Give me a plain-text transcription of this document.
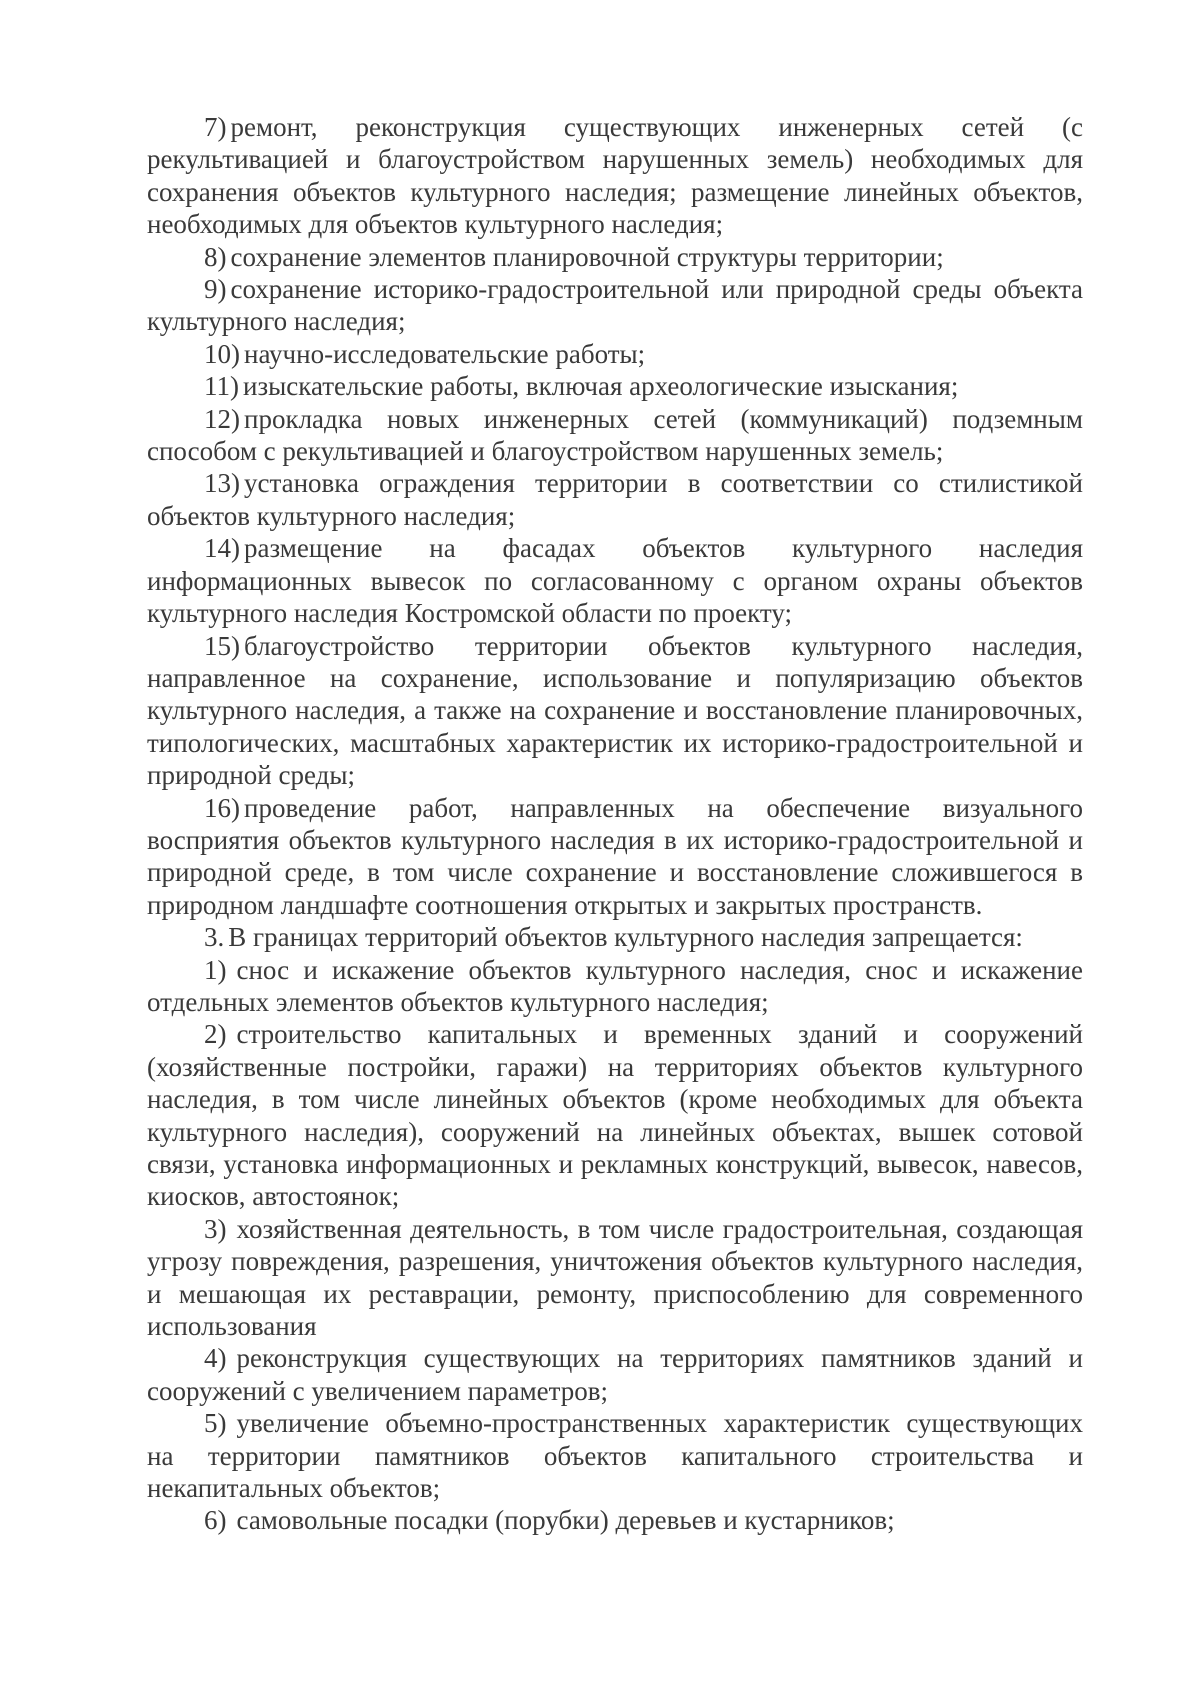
7) ремонт, реконструкция существующих инженерных сетей (с рекультивацией и благоустройством нарушенных земель) необходимых для сохранения объектов культурного наследия; размещение линейных объектов, необходимых для объектов культурного наследия;

8) сохранение элементов планировочной структуры территории;

9) сохранение историко-градостроительной или природной среды объекта культурного наследия;

10) научно-исследовательские работы;

11) изыскательские работы, включая археологические изыскания;

12) прокладка новых инженерных сетей (коммуникаций) подземным способом с рекультивацией и благоустройством нарушенных земель;

13) установка ограждения территории в соответствии со стилистикой объектов культурного наследия;

14) размещение на фасадах объектов культурного наследия информационных вывесок по согласованному с органом охраны объектов культурного наследия Костромской области по проекту;

15) благоустройство территории объектов культурного наследия, направленное на сохранение, использование и популяризацию объектов культурного наследия, а также на сохранение и восстановление планировочных, типологических, масштабных характеристик их историко-градостроительной и природной среды;

16) проведение работ, направленных на обеспечение визуального восприятия объектов культурного наследия в их историко-градостроительной и природной среде, в том числе сохранение и восстановление сложившегося в природном ландшафте соотношения открытых и закрытых пространств.

3. В границах территорий объектов культурного наследия запрещается:

1) снос и искажение объектов культурного наследия, снос и искажение отдельных элементов объектов культурного наследия;

2) строительство капитальных и временных зданий и сооружений (хозяйственные постройки, гаражи) на территориях объектов культурного наследия, в том числе линейных объектов (кроме необходимых для объекта культурного наследия), сооружений на линейных объектах, вышек сотовой связи, установка информационных и рекламных конструкций, вывесок, навесов, киосков, автостоянок;

3) хозяйственная деятельность, в том числе градостроительная, создающая угрозу повреждения, разрешения, уничтожения объектов культурного наследия, и мешающая их реставрации, ремонту, приспособлению для современного использования

4) реконструкция существующих на территориях памятников зданий и сооружений с увеличением параметров;

5) увеличение объемно-пространственных характеристик существующих на территории памятников объектов капитального строительства и некапитальных объектов;

6) самовольные посадки (порубки) деревьев и кустарников;
